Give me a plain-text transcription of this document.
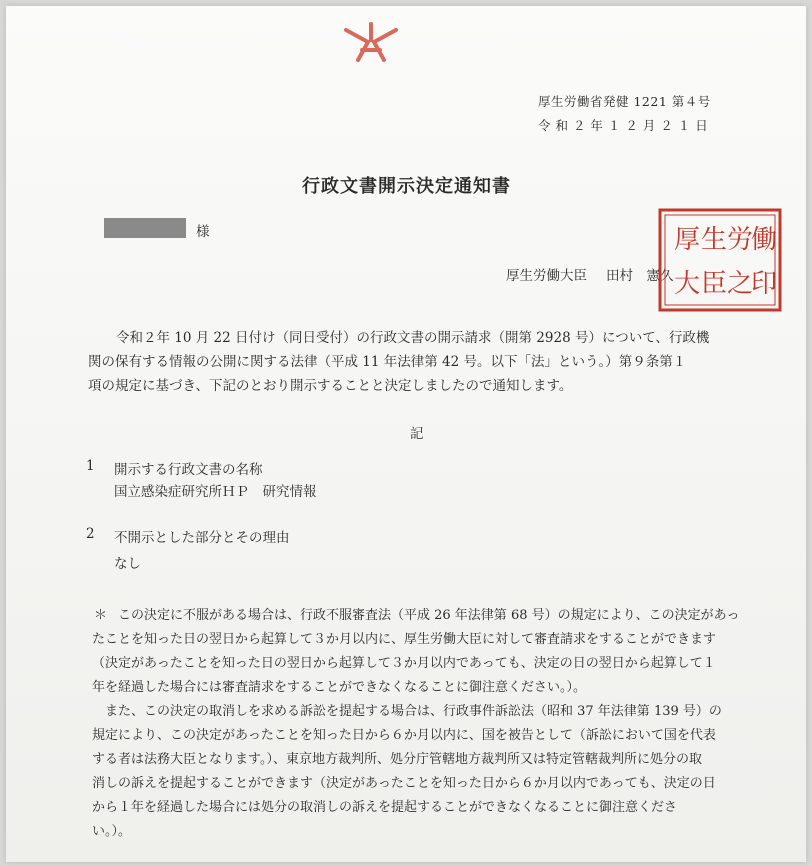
厚生労働省発健 1221 第４号
令 和 ２ 年 １ ２ 月 ２ １ 日
行政文書開示決定通知書
様
厚生労働大臣 田村　憲久
厚 生 労
働
大 臣 之
印
令和２年 10 月 22 日付け（同日受付）の行政文書の開示請求（開第 2928 号）について、行政機
関の保有する情報の公開に関する法律（平成 11 年法律第 42 号。以下「法」という。）第９条第１
項の規定に基づき、下記のとおり開示することと決定しましたので通知します。
記
1 開示する行政文書の名称
国立感染症研究所ＨＰ　研究情報
2 不開示とした部分とその理由
なし
＊ この決定に不服がある場合は、行政不服審査法（平成 26 年法律第 68 号）の規定により、この決定があっ
たことを知った日の翌日から起算して３か月以内に、厚生労働大臣に対して審査請求をすることができます
（決定があったことを知った日の翌日から起算して３か月以内であっても、決定の日の翌日から起算して１
年を経過した場合には審査請求をすることができなくなることに御注意ください。）。
　また、この決定の取消しを求める訴訟を提起する場合は、行政事件訴訟法（昭和 37 年法律第 139 号）の
規定により、この決定があったことを知った日から６か月以内に、国を被告として（訴訟において国を代表
する者は法務大臣となります。）、東京地方裁判所、処分庁管轄地方裁判所又は特定管轄裁判所に処分の取
消しの訴えを提起することができます（決定があったことを知った日から６か月以内であっても、決定の日
から１年を経過した場合には処分の取消しの訴えを提起することができなくなることに御注意くださ
い。）。
